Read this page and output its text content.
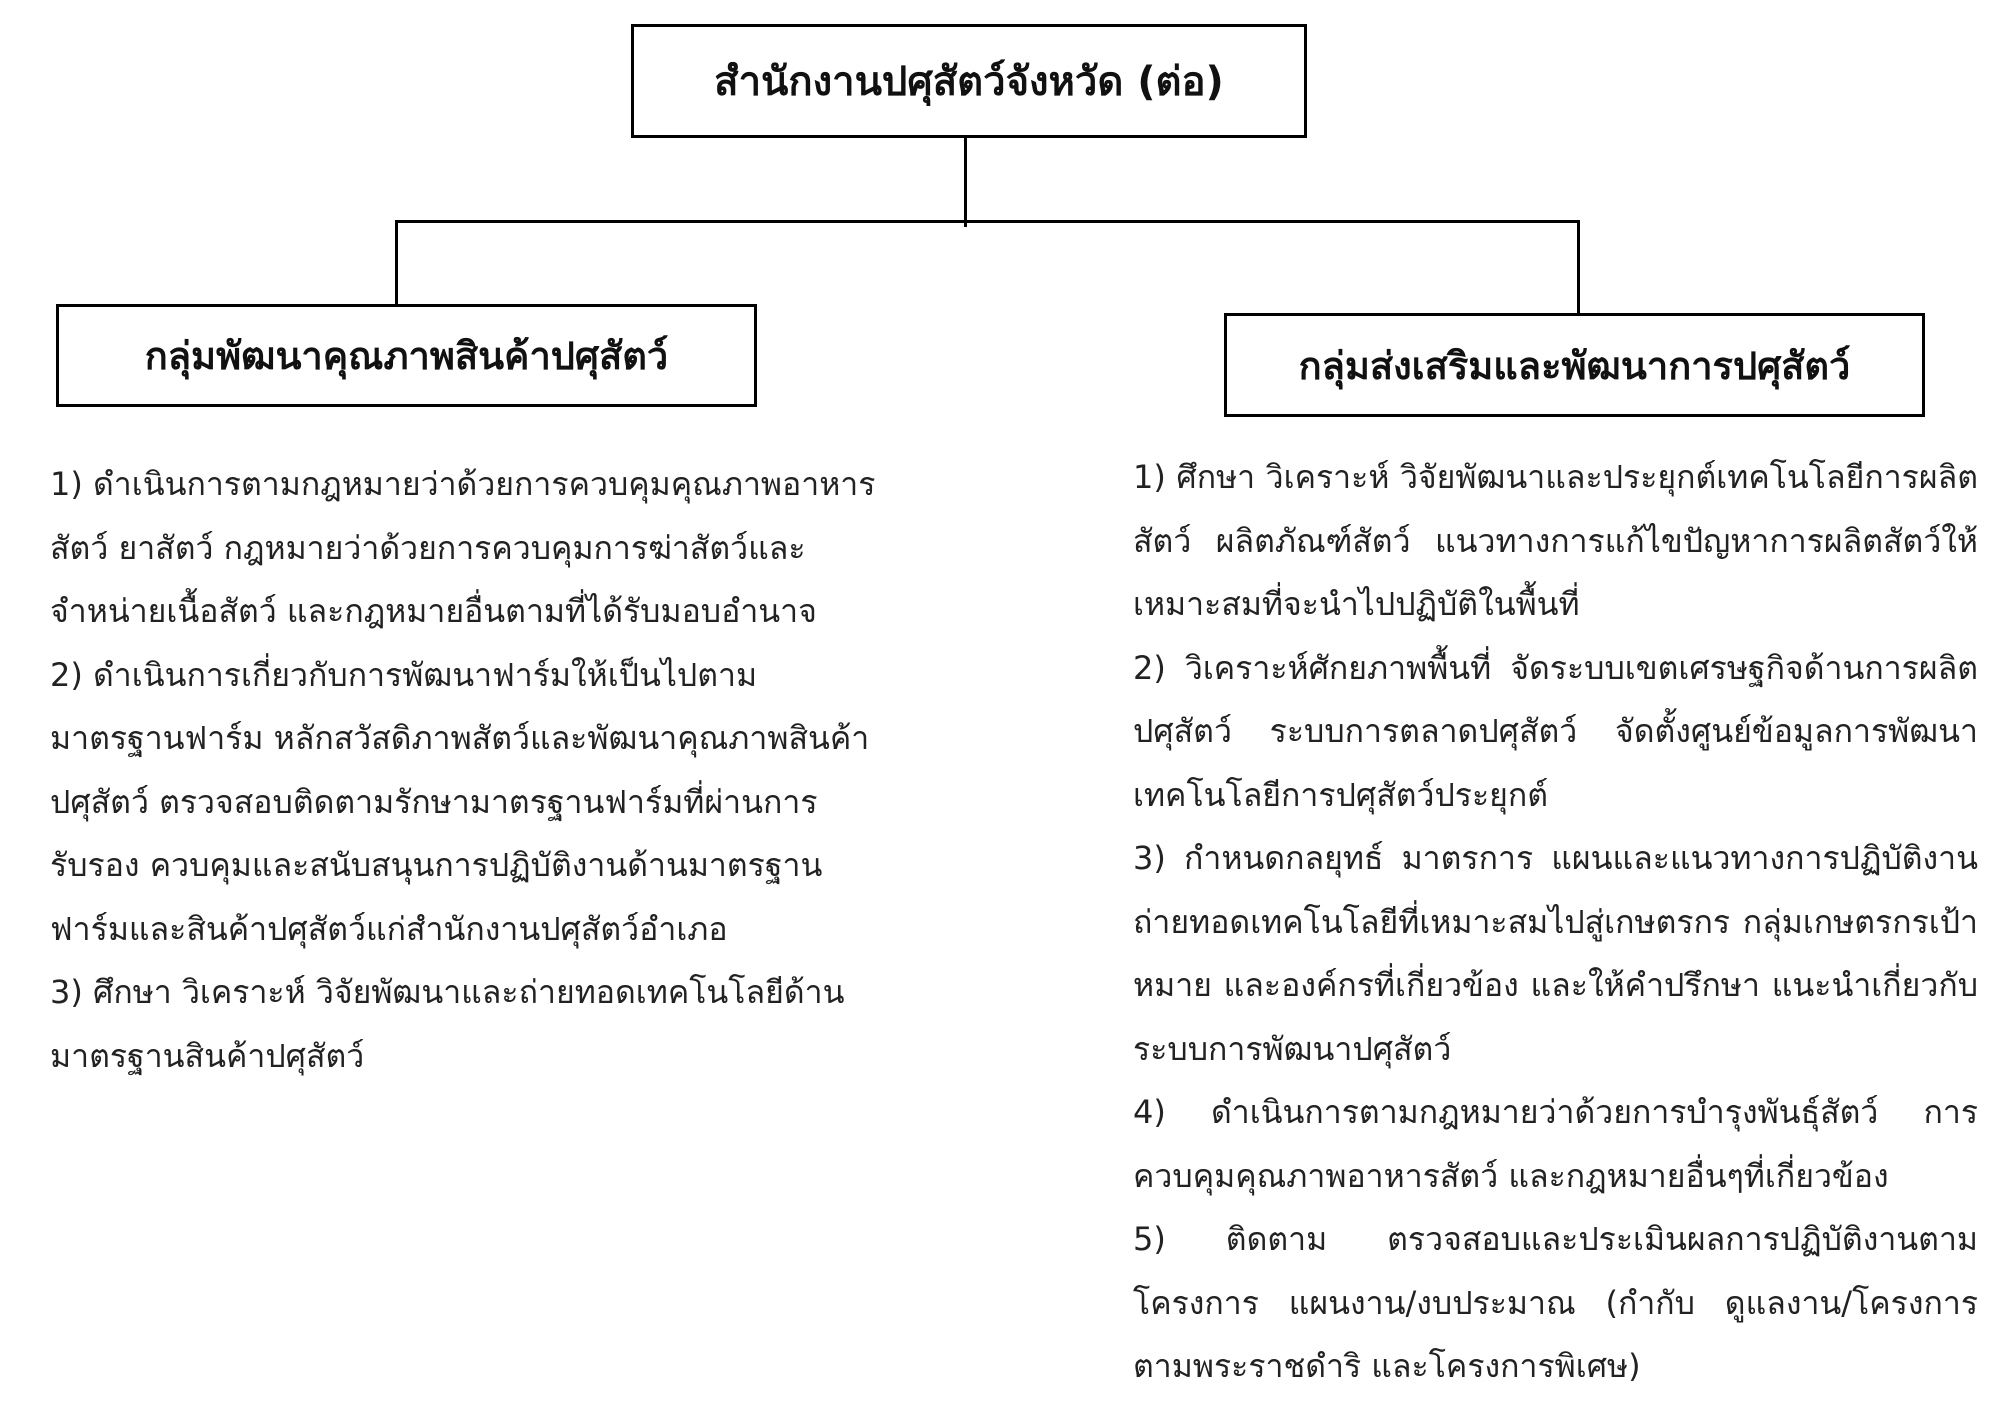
สำนักงานปศุสัตว์จังหวัด (ต่อ)
กลุ่มพัฒนาคุณภาพสินค้าปศุสัตว์	กลุ่มส่งเสริมและพัฒนาการปศุสัตว์
1) ดำเนินการตามกฎหมายว่าด้วยการควบคุมคุณภาพอาหารสัตว์ ยาสัตว์ กฎหมายว่าด้วยการควบคุมการฆ่าสัตว์และจำหน่ายเนื้อสัตว์ และกฎหมายอื่นตามที่ได้รับมอบอำนาจ
2) ดำเนินการเกี่ยวกับการพัฒนาฟาร์มให้เป็นไปตามมาตรฐานฟาร์ม หลักสวัสดิภาพสัตว์และพัฒนาคุณภาพสินค้าปศุสัตว์ ตรวจสอบติดตามรักษามาตรฐานฟาร์มที่ผ่านการรับรอง ควบคุมและสนับสนุนการปฏิบัติงานด้านมาตรฐานฟาร์มและสินค้าปศุสัตว์แก่สำนักงานปศุสัตว์อำเภอ
3) ศึกษา วิเคราะห์ วิจัยพัฒนาและถ่ายทอดเทคโนโลยีด้านมาตรฐานสินค้าปศุสัตว์
1) ศึกษา วิเคราะห์ วิจัยพัฒนาและประยุกต์เทคโนโลยีการผลิตสัตว์ ผลิตภัณฑ์สัตว์ แนวทางการแก้ไขปัญหาการผลิตสัตว์ให้เหมาะสมที่จะนำไปปฏิบัติในพื้นที่
2) วิเคราะห์ศักยภาพพื้นที่ จัดระบบเขตเศรษฐกิจด้านการผลิตปศุสัตว์ ระบบการตลาดปศุสัตว์ จัดตั้งศูนย์ข้อมูลการพัฒนาเทคโนโลยีการปศุสัตว์ประยุกต์
3) กำหนดกลยุทธ์ มาตรการ แผนและแนวทางการปฏิบัติงานถ่ายทอดเทคโนโลยีที่เหมาะสมไปสู่เกษตรกร กลุ่มเกษตรกรเป้าหมาย และองค์กรที่เกี่ยวข้อง และให้คำปรึกษา แนะนำเกี่ยวกับระบบการพัฒนาปศุสัตว์
4) ดำเนินการตามกฎหมายว่าด้วยการบำรุงพันธุ์สัตว์ การควบคุมคุณภาพอาหารสัตว์ และกฎหมายอื่นๆที่เกี่ยวข้อง
5) ติดตาม ตรวจสอบและประเมินผลการปฏิบัติงานตามโครงการ แผนงาน/งบประมาณ (กำกับ ดูแลงาน/โครงการตามพระราชดำริ และโครงการพิเศษ)
